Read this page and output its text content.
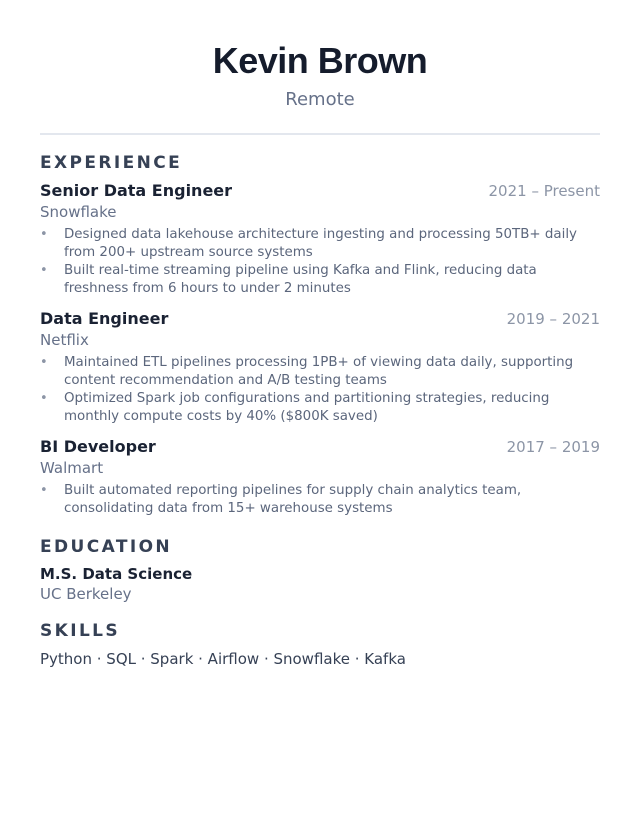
Kevin Brown
Remote
EXPERIENCE
Senior Data Engineer	2021 – Present
Snowflake
• Designed data lakehouse architecture ingesting and processing 50TB+ daily from 200+ upstream source systems
• Built real-time streaming pipeline using Kafka and Flink, reducing data freshness from 6 hours to under 2 minutes
Data Engineer	2019 – 2021
Netflix
• Maintained ETL pipelines processing 1PB+ of viewing data daily, supporting content recommendation and A/B testing teams
• Optimized Spark job configurations and partitioning strategies, reducing monthly compute costs by 40% ($800K saved)
BI Developer	2017 – 2019
Walmart
• Built automated reporting pipelines for supply chain analytics team, consolidating data from 15+ warehouse systems
EDUCATION
M.S. Data Science
UC Berkeley
SKILLS
Python · SQL · Spark · Airflow · Snowflake · Kafka
